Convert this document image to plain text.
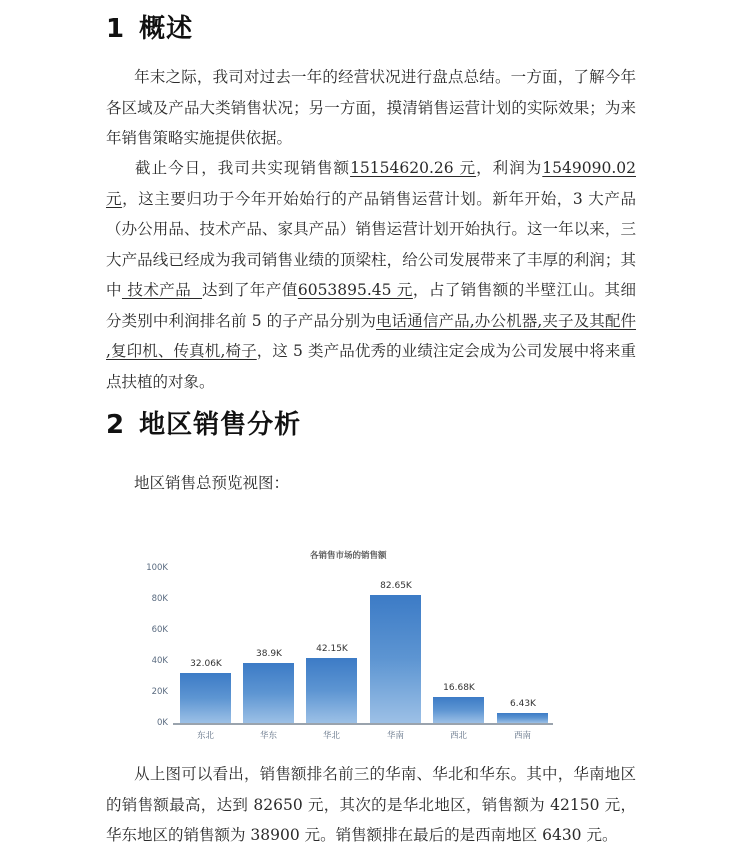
1 概述
年末之际，我司对过去一年的经营状况进行盘点总结。一方面，了解今年各区域及产品大类销售状况；另一方面，摸清销售运营计划的实际效果；为来年销售策略实施提供依据。
截止今日，我司共实现销售额15154620.26 元，利润为1549090.02 元，这主要归功于今年开始始行的产品销售运营计划。新年开始，3 大产品（办公用品、技术产品、家具产品）销售运营计划开始执行。这一年以来，三大产品线已经成为我司销售业绩的顶梁柱，给公司发展带来了丰厚的利润；其中 技术产品  达到了年产值6053895.45 元，占了销售额的半壁江山。其细分类别中利润排名前 5 的子产品分别为电话通信产品,办公机器,夹子及其配件 ,复印机、传真机,椅子，这 5 类产品优秀的业绩注定会成为公司发展中将来重点扶植的对象。
2 地区销售分析
地区销售总预览视图：
各销售市场的销售额
0K
20K
40K
60K
80K
100K
32.06K
东北
38.9K
华东
42.15K
华北
82.65K
华南
16.68K
西北
6.43K
西南
从上图可以看出，销售额排名前三的华南、华北和华东。其中，华南地区的销售额最高，达到 82650 元，其次的是华北地区，销售额为 42150 元，华东地区的销售额为 38900 元。销售额排在最后的是西南地区 6430 元。
